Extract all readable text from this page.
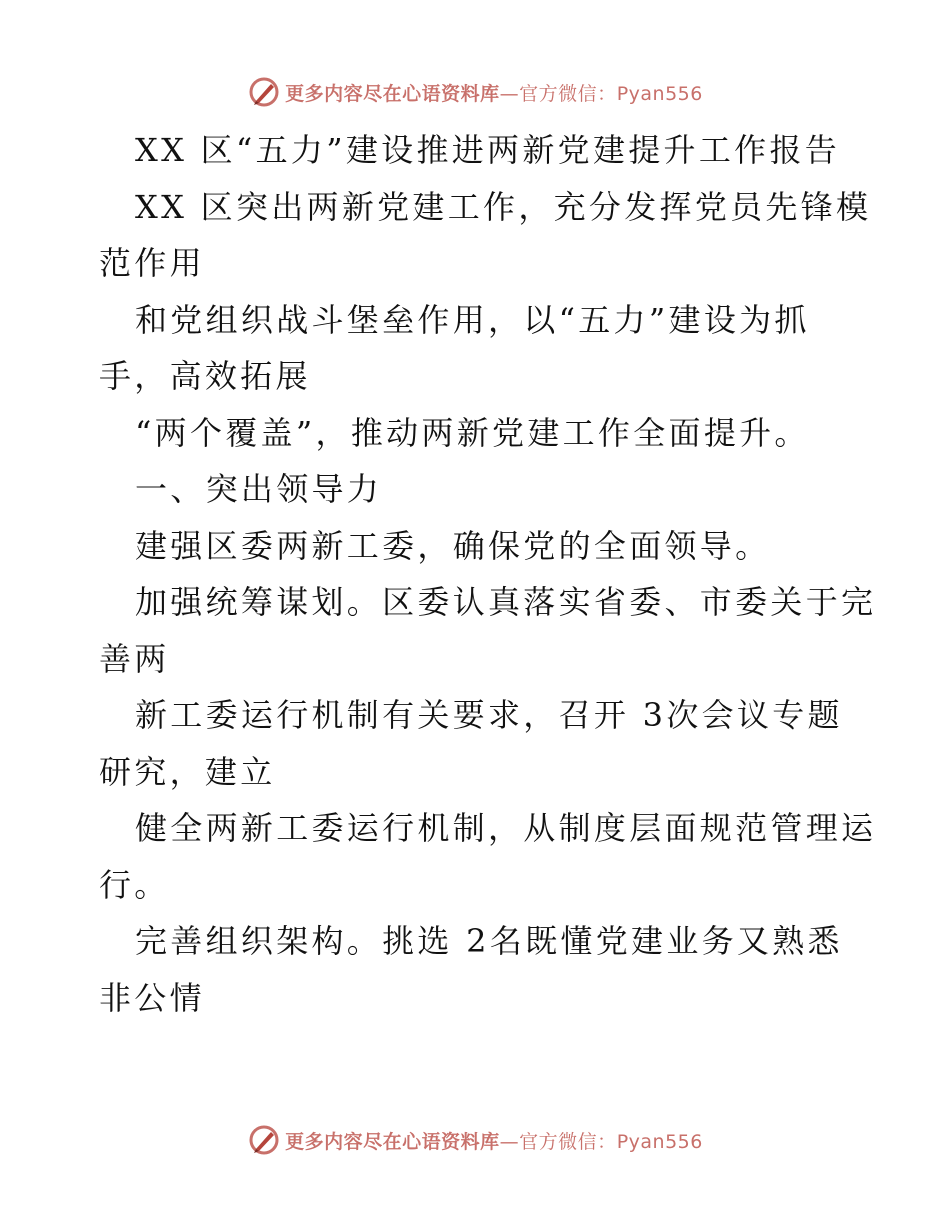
更多内容尽在心语资料库—官方微信：Pyan556
XX 区“五力”建设推进两新党建提升工作报告
XX 区突出两新党建工作，充分发挥党员先锋模
范作用
和党组织战斗堡垒作用，以“五力”建设为抓
手，高效拓展
“两个覆盖”，推动两新党建工作全面提升。
一、突出领导力
建强区委两新工委，确保党的全面领导。
加强统筹谋划。区委认真落实省委、市委关于完
善两
新工委运行机制有关要求，召开 3次会议专题
研究，建立
健全两新工委运行机制，从制度层面规范管理运
行。
完善组织架构。挑选 2名既懂党建业务又熟悉
非公情
更多内容尽在心语资料库—官方微信：Pyan556
